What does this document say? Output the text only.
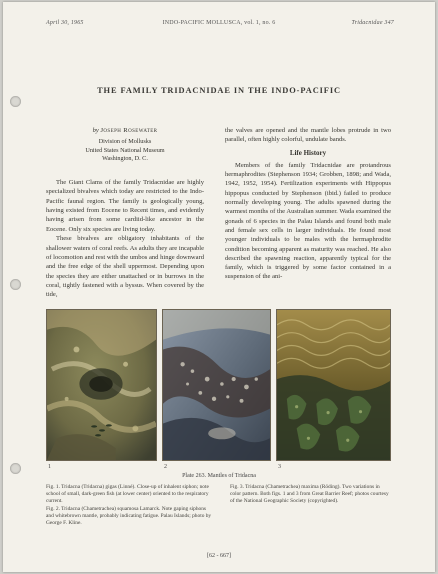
April 30, 1965	INDO-PACIFIC MOLLUSCA, vol. 1, no. 6	Tridacnidae 347
THE FAMILY TRIDACNIDAE IN THE INDO-PACIFIC
by Joseph Rosewater
Division of Mollusks
United States National Museum
Washington, D. C.

The Giant Clams of the family Tridacnidae are highly specialized bivalves which today are restricted to the Indo-Pacific faunal region. The family is geologically young, having existed from Eocene to Recent times, and evidently having arisen from some cardiid-like ancestor in the Eocene. Only six species are living today.

These bivalves are obligatory inhabitants of the shallower waters of coral reefs. As adults they are incapable of locomotion and rest with the umbos and hinge downward and the free edge of the shell uppermost. Depending upon the species they are either unattached or in burrows in the coral, tightly fastened with a byssus. When covered by the tide,

the valves are opened and the mantle lobes protrude in two parallel, often highly colorful, undulate bands.

Life History

Members of the family Tridacnidae are protandrous hermaphrodites (Stephenson 1934; Grobben, 1898; and Wada, 1942, 1952, 1954). Fertilization experiments with Hippopus hippopus conducted by Stephenson (ibid.) failed to produce normally developing young. The adults spawned during the warmest months of the Australian summer. Wada examined the gonads of 6 species in the Palau Islands and found both male and female sex cells in larger individuals. He found most younger individuals to be males with the hermaphrodite condition becoming apparent as maturity was reached. He also described the spawning reaction, apparently typical for the family, which is triggered by some factor contained in a suspension of the ani-

1	2	3
Plate 263. Mantles of Tridacna

Fig. 1. Tridacna (Tridacna) gigas (Linné). Close-up of inhalent siphon; note school of small, dark-green fish (at lower center) oriented to the respiratory current.

Fig. 2. Tridacna (Chametrachea) squamosa Lamarck. Note gaping siphons and whitebrown mantle, probably indicating fatigue. Palau Islands; photo by George F. Kline.

Fig. 3. Tridacna (Chametrachea) maxima (Röding). Two variations in color pattern. Both figs. 1 and 3 from Great Barrier Reef; photos courtesy of the National Geographic Society (copyrighted).

[62 - 667]
